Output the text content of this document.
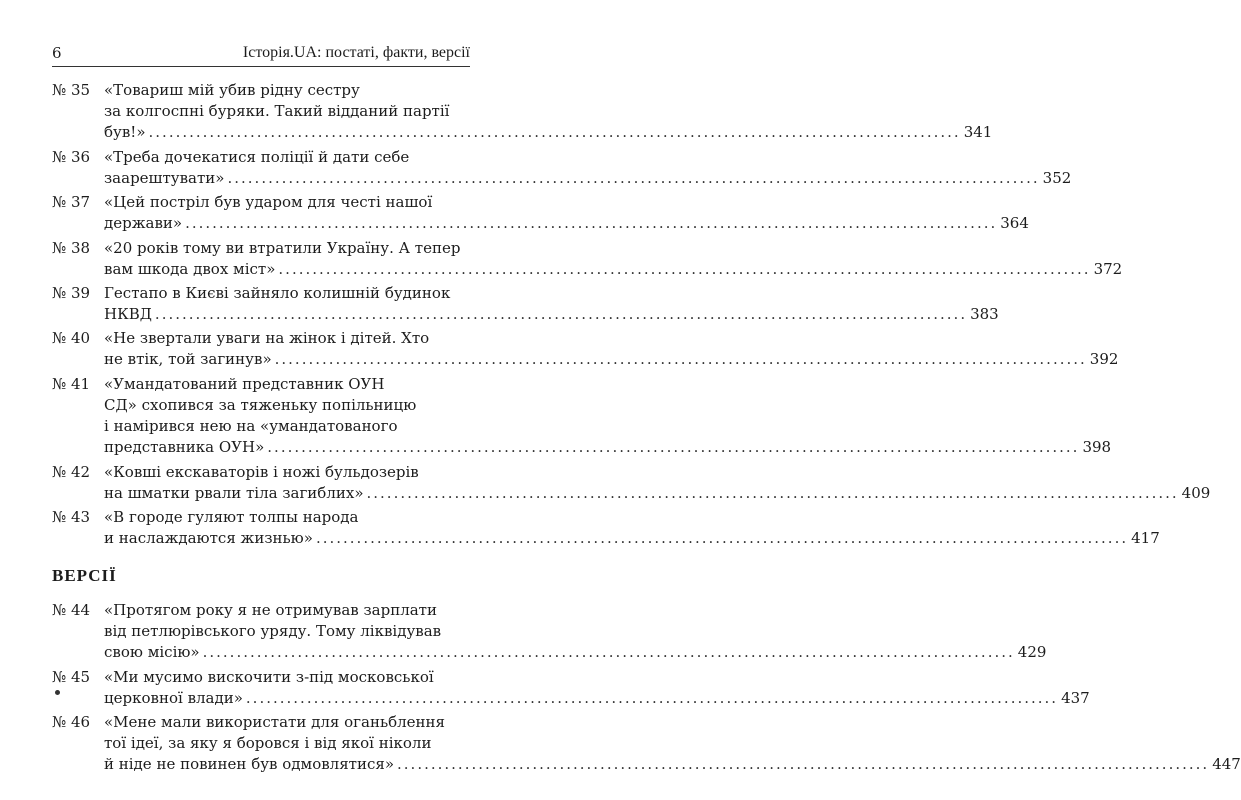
6	Історія.UA: постаті, факти, версії
№ 35 «Товариш мій убив рідну сестру
за колгоспні буряки. Такий відданий партії
був!» ........................................................................................................................ 341
№ 36 «Треба дочекатися поліції й дати себе
заарештувати» ........................................................................................................................ 352
№ 37 «Цей постріл був ударом для честі нашої
держави» ........................................................................................................................ 364
№ 38 «20 років тому ви втратили Україну. А тепер
вам шкода двох міст» ........................................................................................................................ 372
№ 39 Гестапо в Києві зайняло колишній будинок
НКВД ........................................................................................................................ 383
№ 40 «Не звертали уваги на жінок і дітей. Хто
не втік, той загинув» ........................................................................................................................ 392
№ 41 «Умандатований представник ОУН
СД» схопився за тяженьку попільницю
і намірився нею на «умандатованого
представника ОУН» ........................................................................................................................ 398
№ 42 «Ковші екскаваторів і ножі бульдозерів
на шматки рвали тіла загиблих» ........................................................................................................................ 409
№ 43 «В городе гуляют толпы народа
и наслаждаются жизнью» ........................................................................................................................ 417
ВЕРСІЇ
№ 44 «Протягом року я не отримував зарплати
від петлюрівського уряду. Тому ліквідував
свою місію» ........................................................................................................................ 429
№ 45 «Ми мусимо вискочити з-під московської
церковної влади» ........................................................................................................................ 437
№ 46 «Мене мали використати для оганьблення
тої ідеї, за яку я боровся і від якої ніколи
й ніде не повинен був одмовлятися» ........................................................................................................................ 447
